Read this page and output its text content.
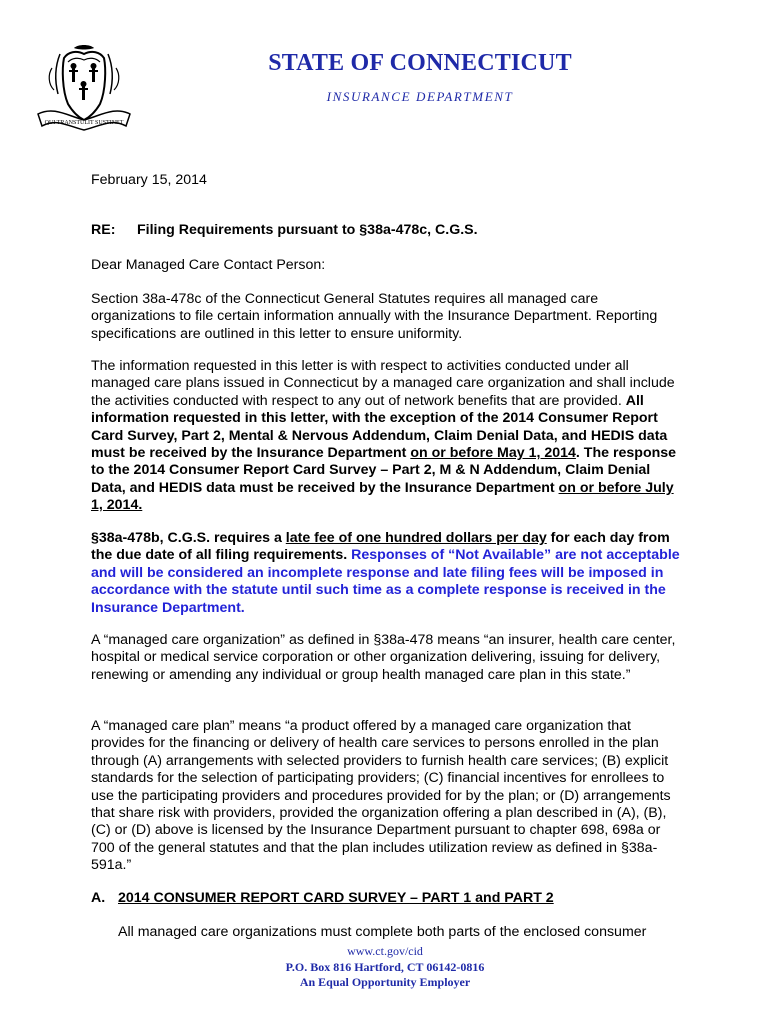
QUI TRANSTULIT SUSTINET
STATE OF CONNECTICUT
INSURANCE DEPARTMENT

February 15, 2014

RE: Filing Requirements pursuant to §38a-478c, C.G.S.

Dear Managed Care Contact Person:

Section 38a-478c of the Connecticut General Statutes requires all managed care organizations to file certain information annually with the Insurance Department. Reporting specifications are outlined in this letter to ensure uniformity.

The information requested in this letter is with respect to activities conducted under all managed care plans issued in Connecticut by a managed care organization and shall include the activities conducted with respect to any out of network benefits that are provided. All information requested in this letter, with the exception of the 2014 Consumer Report Card Survey, Part 2, Mental & Nervous Addendum, Claim Denial Data, and HEDIS data must be received by the Insurance Department on or before May 1, 2014. The response to the 2014 Consumer Report Card Survey – Part 2, M & N Addendum, Claim Denial Data, and HEDIS data must be received by the Insurance Department on or before July 1, 2014.

§38a-478b, C.G.S. requires a late fee of one hundred dollars per day for each day from the due date of all filing requirements. Responses of “Not Available” are not acceptable and will be considered an incomplete response and late filing fees will be imposed in accordance with the statute until such time as a complete response is received in the Insurance Department.

A “managed care organization” as defined in §38a-478 means “an insurer, health care center, hospital or medical service corporation or other organization delivering, issuing for delivery, renewing or amending any individual or group health managed care plan in this state.”

A “managed care plan” means “a product offered by a managed care organization that provides for the financing or delivery of health care services to persons enrolled in the plan through (A) arrangements with selected providers to furnish health care services; (B) explicit standards for the selection of participating providers; (C) financial incentives for enrollees to use the participating providers and procedures provided for by the plan; or (D) arrangements that share risk with providers, provided the organization offering a plan described in (A), (B), (C) or (D) above is licensed by the Insurance Department pursuant to chapter 698, 698a or 700 of the general statutes and that the plan includes utilization review as defined in §38a-591a.”

A. 2014 CONSUMER REPORT CARD SURVEY – PART 1 and PART 2

All managed care organizations must complete both parts of the enclosed consumer

www.ct.gov/cid
P.O. Box 816 Hartford, CT 06142-0816
An Equal Opportunity Employer
